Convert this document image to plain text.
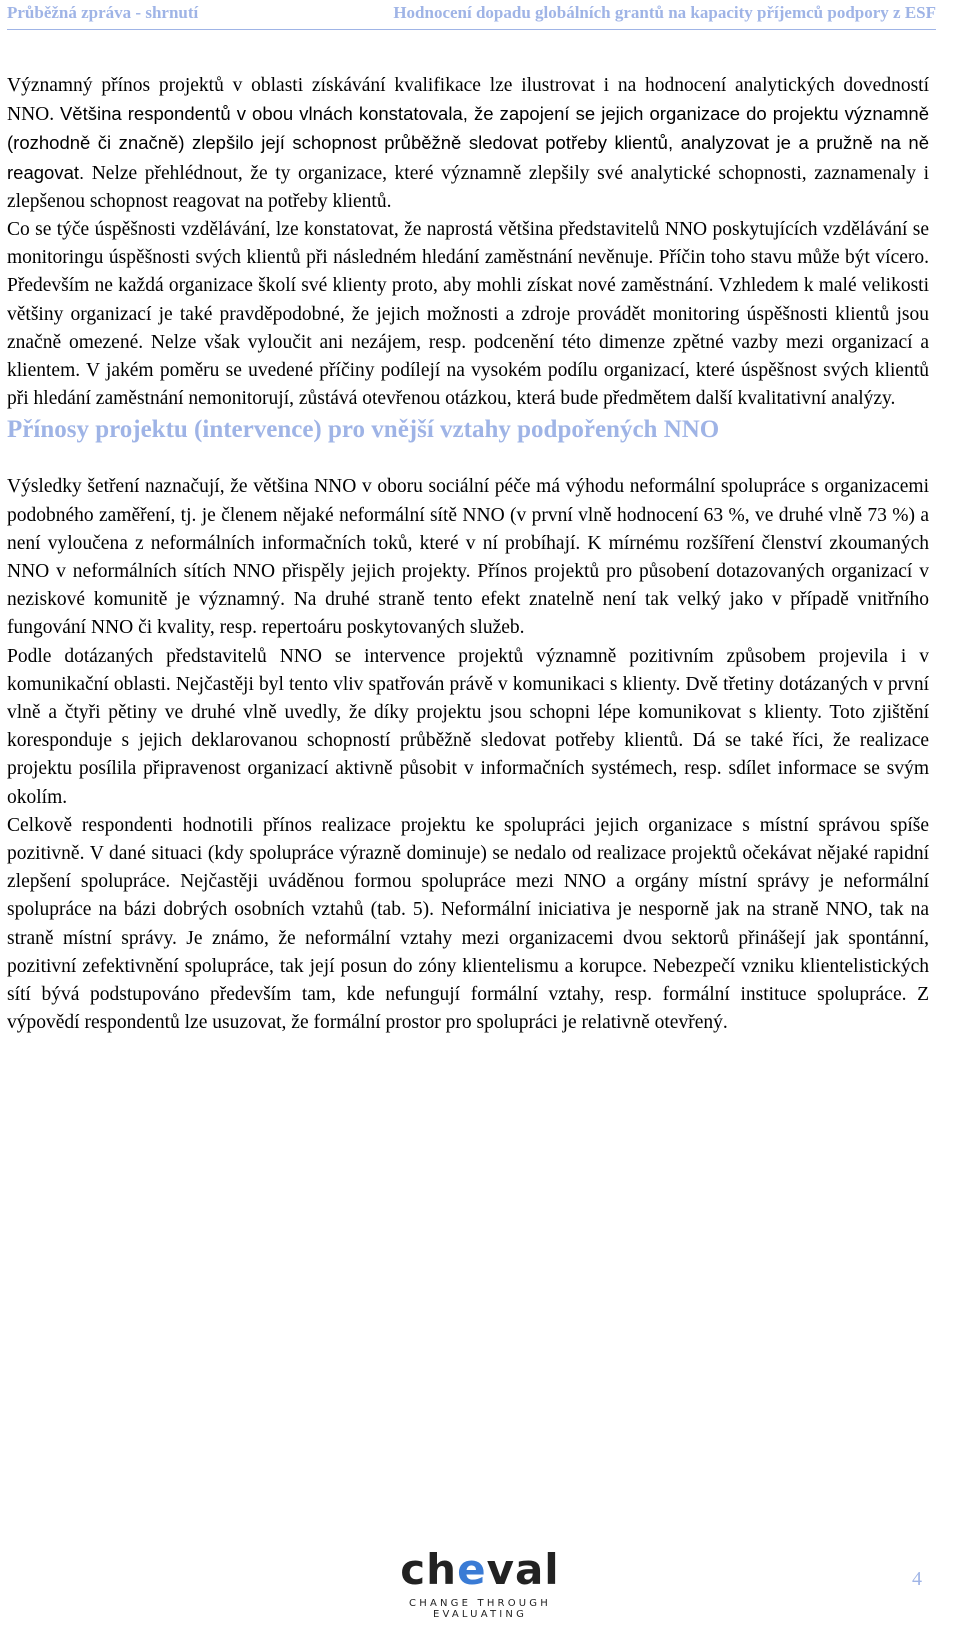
Průběžná zpráva - shrnutí	Hodnocení dopadu globálních grantů na kapacity příjemců podpory z ESF

Významný přínos projektů v oblasti získávání kvalifikace lze ilustrovat i na hodnocení analytických dovedností NNO. Většina respondentů v obou vlnách konstatovala, že zapojení se jejich organizace do projektu významně (rozhodně či značně) zlepšilo její schopnost průběžně sledovat potřeby klientů, analyzovat je a pružně na ně reagovat. Nelze přehlédnout, že ty organizace, které významně zlepšily své analytické schopnosti, zaznamenaly i zlepšenou schopnost reagovat na potřeby klientů.

Co se týče úspěšnosti vzdělávání, lze konstatovat, že naprostá většina představitelů NNO poskytujících vzdělávání se monitoringu úspěšnosti svých klientů při následném hledání zaměstnání nevěnuje. Příčin toho stavu může být vícero. Především ne každá organizace školí své klienty proto, aby mohli získat nové zaměstnání. Vzhledem k malé velikosti většiny organizací je také pravděpodobné, že jejich možnosti a zdroje provádět monitoring úspěšnosti klientů jsou značně omezené. Nelze však vyloučit ani nezájem, resp. podcenění této dimenze zpětné vazby mezi organizací a klientem. V jakém poměru se uvedené příčiny podílejí na vysokém podílu organizací, které úspěšnost svých klientů při hledání zaměstnání nemonitorují, zůstává otevřenou otázkou, která bude předmětem další kvalitativní analýzy.

Přínosy projektu (intervence) pro vnější vztahy podpořených NNO

Výsledky šetření naznačují, že většina NNO v oboru sociální péče má výhodu neformální spolupráce s organizacemi podobného zaměření, tj. je členem nějaké neformální sítě NNO (v první vlně hodnocení 63 %, ve druhé vlně 73 %) a není vyloučena z neformálních informačních toků, které v ní probíhají. K mírnému rozšíření členství zkoumaných NNO v neformálních sítích NNO přispěly jejich projekty. Přínos projektů pro působení dotazovaných organizací v neziskové komunitě je významný. Na druhé straně tento efekt znatelně není tak velký jako v případě vnitřního fungování NNO či kvality, resp. repertoáru poskytovaných služeb.

Podle dotázaných představitelů NNO se intervence projektů významně pozitivním způsobem projevila i v komunikační oblasti. Nejčastěji byl tento vliv spatřován právě v komunikaci s klienty. Dvě třetiny dotázaných v první vlně a čtyři pětiny ve druhé vlně uvedly, že díky projektu jsou schopni lépe komunikovat s klienty. Toto zjištění koresponduje s jejich deklarovanou schopností průběžně sledovat potřeby klientů. Dá se také říci, že realizace projektu posílila připravenost organizací aktivně působit v informačních systémech, resp. sdílet informace se svým okolím.

Celkově respondenti hodnotili přínos realizace projektu ke spolupráci jejich organizace s místní správou spíše pozitivně. V dané situaci (kdy spolupráce výrazně dominuje) se nedalo od realizace projektů očekávat nějaké rapidní zlepšení spolupráce. Nejčastěji uváděnou formou spolupráce mezi NNO a orgány místní správy je neformální spolupráce na bázi dobrých osobních vztahů (tab. 5). Neformální iniciativa je nesporně jak na straně NNO, tak na straně místní správy. Je známo, že neformální vztahy mezi organizacemi dvou sektorů přinášejí jak spontánní, pozitivní zefektivnění spolupráce, tak její posun do zóny klientelismu a korupce. Nebezpečí vzniku klientelistických sítí bývá podstupováno především tam, kde nefungují formální vztahy, resp. formální instituce spolupráce. Z výpovědí respondentů lze usuzovat, že formální prostor pro spolupráci je relativně otevřený.

cheval
CHANGE THROUGH EVALUATING
4
